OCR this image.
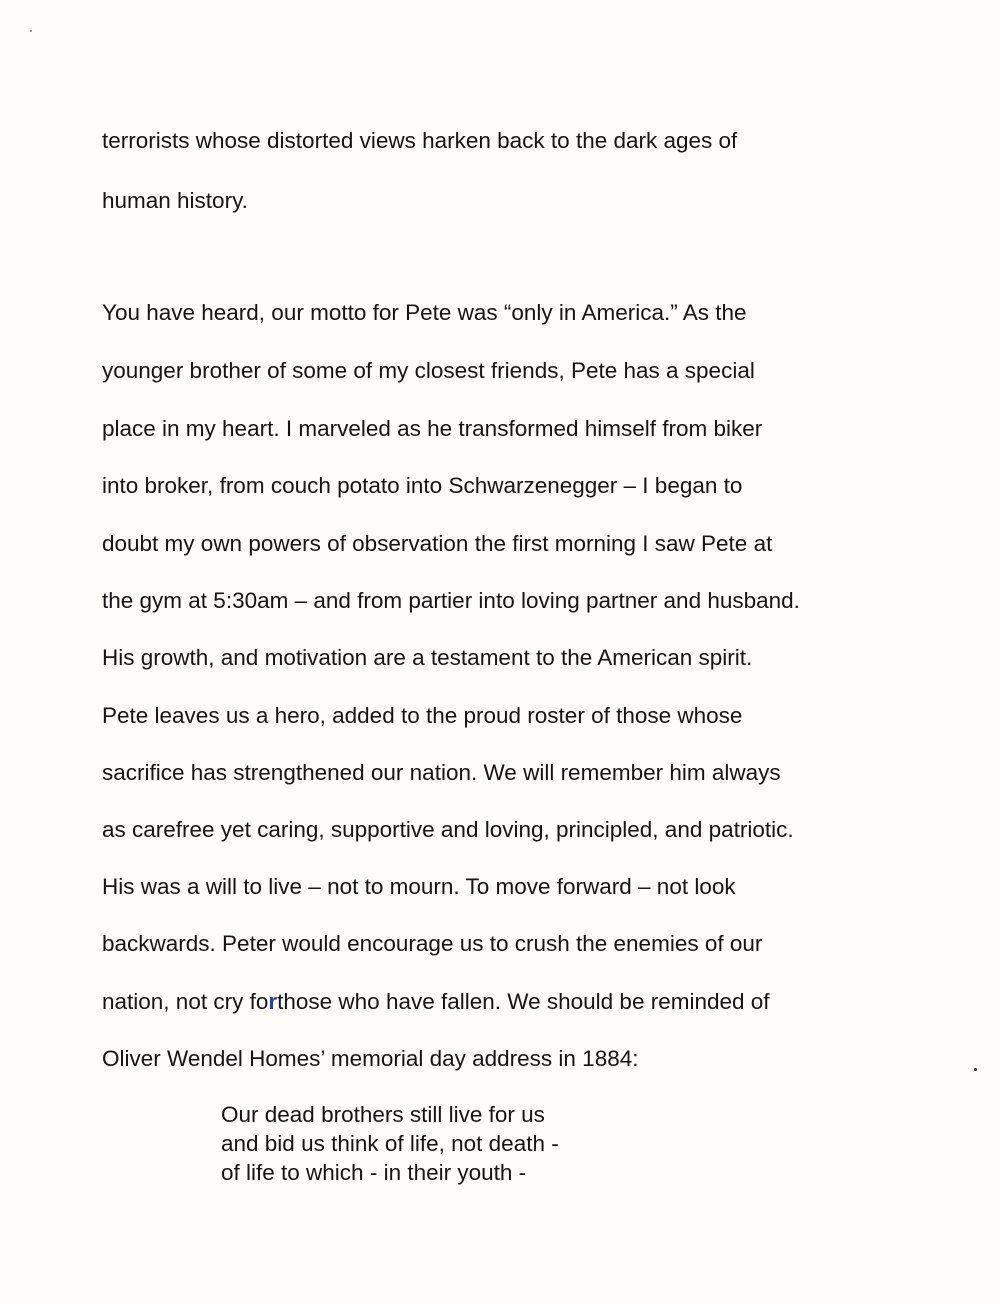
terrorists whose distorted views harken back to the dark ages of
human history.
You have heard, our motto for Pete was “only in America.” As the
younger brother of some of my closest friends, Pete has a special
place in my heart. I marveled as he transformed himself from biker
into broker, from couch potato into Schwarzenegger – I began to
doubt my own powers of observation the first morning I saw Pete at
the gym at 5:30am – and from partier into loving partner and husband.
His growth, and motivation are a testament to the American spirit.
Pete leaves us a hero, added to the proud roster of those whose
sacrifice has strengthened our nation. We will remember him always
as carefree yet caring, supportive and loving, principled, and patriotic.
His was a will to live – not to mourn. To move forward – not look
backwards. Peter would encourage us to crush the enemies of our
nation, not cry forthose who have fallen. We should be reminded of
Oliver Wendel Homes’ memorial day address in 1884:
Our dead brothers still live for us
and bid us think of life, not death -
of life to which - in their youth -
